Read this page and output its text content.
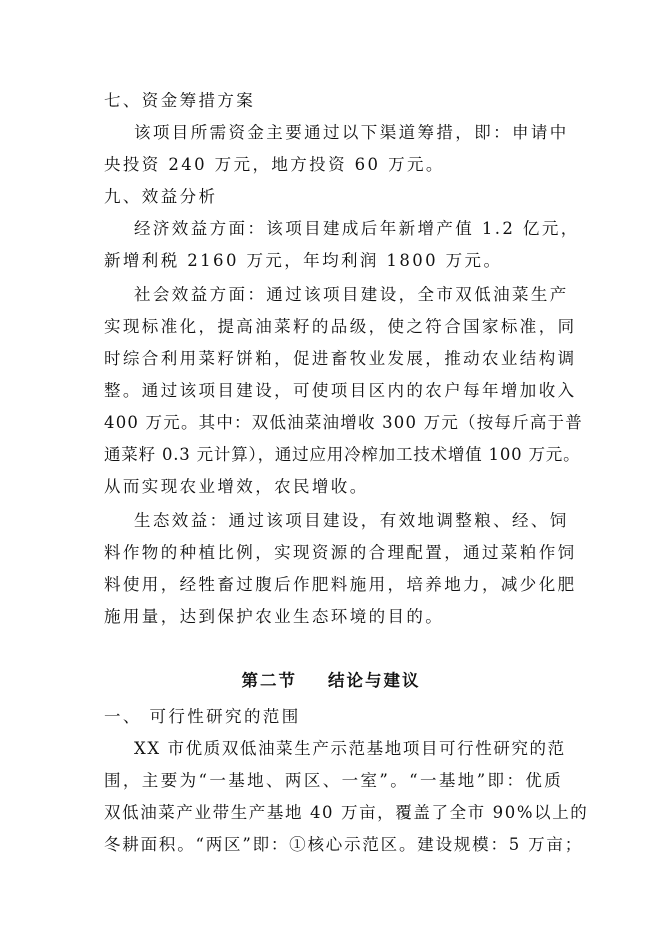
七、资金筹措方案
该项目所需资金主要通过以下渠道筹措，即：申请中
央投资 240 万元，地方投资 60 万元。
九、效益分析
经济效益方面：该项目建成后年新增产值 1.2 亿元，
新增利税 2160 万元，年均利润 1800 万元。
社会效益方面：通过该项目建设，全市双低油菜生产
实现标准化，提高油菜籽的品级，使之符合国家标准，同
时综合利用菜籽饼粕，促进畜牧业发展，推动农业结构调
整。通过该项目建设，可使项目区内的农户每年增加收入
400 万元。其中：双低油菜油增收 300 万元（按每斤高于普
通菜籽 0.3 元计算），通过应用冷榨加工技术增值 100 万元。
从而实现农业增效，农民增收。
生态效益：通过该项目建设，有效地调整粮、经、饲
料作物的种植比例，实现资源的合理配置，通过菜粕作饲
料使用，经牲畜过腹后作肥料施用，培养地力，减少化肥
施用量，达到保护农业生态环境的目的。
第二节    结论与建议
一、 可行性研究的范围
XX 市优质双低油菜生产示范基地项目可行性研究的范
围，主要为“一基地、两区、一室”。“一基地”即：优质
双低油菜产业带生产基地 40 万亩，覆盖了全市 90%以上的
冬耕面积。“两区”即：①核心示范区。建设规模：5 万亩；
